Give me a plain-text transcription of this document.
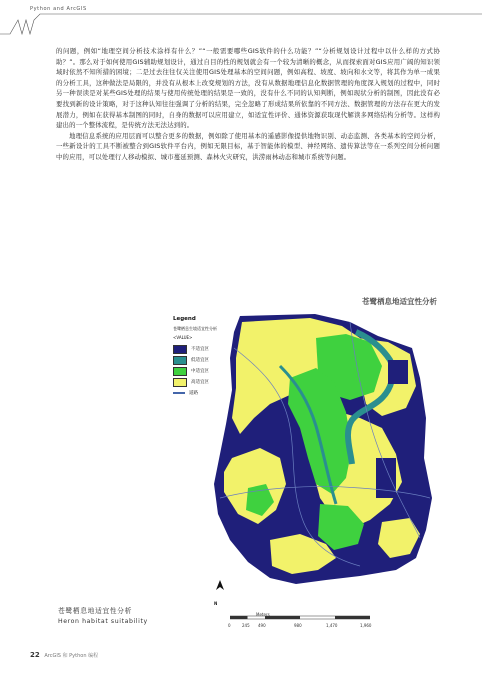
Python and ArcGIS

的问题，例如“地理空间分析技术涂样有什么？”“一般需要哪些GIS软件的什么功能？”“分析规划设计过程中以什么样的方式协助？”。那么对于如何使用GIS辅助规划设计，通过自目的性的规划就会有一个较为清晰的概念，从而探索面对GIS应用广阔的知识领域时依然不知所措的困境；二是过去往往仅关注使用GIS处理基本的空间问题，例如高程、坡度、坡向和水文等，将其作为单一成果的分析工具，这种做法是局限的，并没有从根本上改变规划的方法，没有从数据地理信息化数据管理的角度深入规划的过程中，同时另一种误读是对某些GIS处理的结果与使用传统处理的结果是一致的，没有什么不同的认知判断，例如现状分析的制图，因此没有必要找到新的设计策略，对于这种认知往往强调了分析的结果，完全忽略了形成结果所依靠的不同方法、数据管理的方法存在更大的发展潜力，例如在获得基本制图的同时，自身的数据可以应用建立，如适宜性评价、通体资源获取现代解读多网络结构分析等。这样构建出的一个整体流程，是传统方法无法达到的。

地理信息系统的应用层面可以整合更多的数据，例如除了使用基本的遥感影像提供地物识别、动态监测、各类基本的空间分析，一些新设计的工具不断被整合到GIS软件平台内，例如无限目标，基于智能体的模型、神经网络、遗传算法等在一系列空间分析问题中的应用，可以处理行人移动模拟、城市蔓延预测、森林火灾研究，洪涝雨林动态和城市系统等问题。

苍鹭栖息地适宜性分析
Legend
苍鹭栖息生境适宜性分析
<VALUE>
不适宜区
低适宜区
中适宜区
高适宜区
道路
Meters
0	245 490	980	1,470	1,960
N
苍鹭栖息地适宜性分析
Heron habitat suitability
22 ArcGIS 和 Python 编程
